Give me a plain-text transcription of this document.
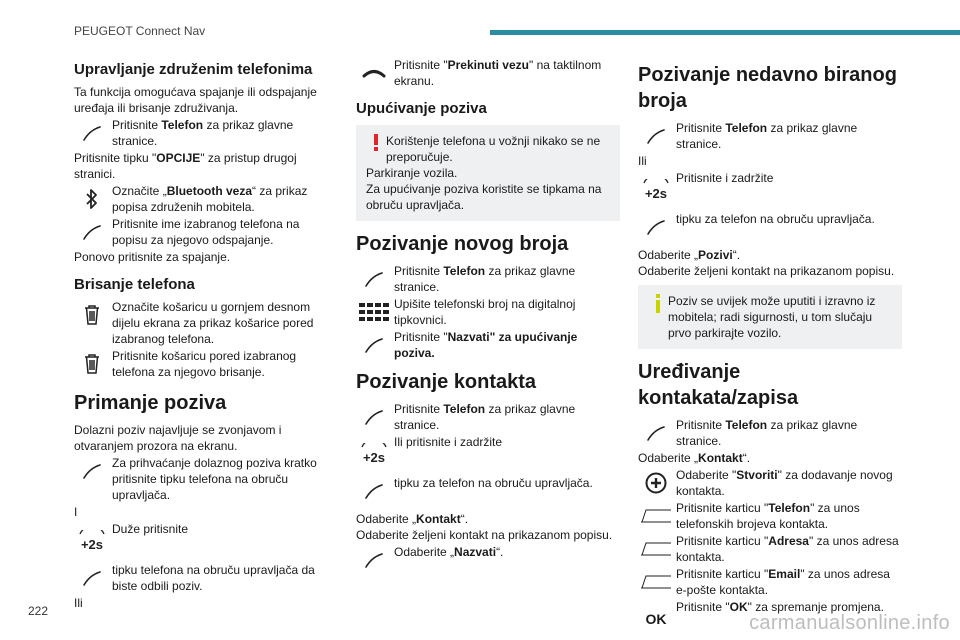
PEUGEOT Connect Nav
Upravljanje združenim telefonima

Ta funkcija omogućava spajanje ili odspajanje uređaja ili brisanje združivanja.

Pritisnite Telefon za prikaz glavne stranice.

Pritisnite tipku "OPCIJE" za pristup drugoj stranici.

Označite „Bluetooth veza“ za prikaz popisa združenih mobitela.
Pritisnite ime izabranog telefona na popisu za njegovo odspajanje.

Ponovo pritisnite za spajanje.

Brisanje telefona
Označite košaricu u gornjem desnom dijelu ekrana za prikaz košarice pored izabranog telefona.
Pritisnite košaricu pored izabranog telefona za njegovo brisanje.
Primanje poziva

Dolazni poziv najavljuje se zvonjavom i otvaranjem prozora na ekranu.

Za prihvaćanje dolaznog poziva kratko pritisnite tipku telefona na obruču upravljača.

I

+2s
Duže pritisnite
tipku telefona na obruču upravljača da biste odbili poziv.

Ili

Pritisnite "Prekinuti vezu" na taktilnom ekranu.
Upućivanje poziva
Korištenje telefona u vožnji nikako se ne preporučuje.

Parkiranje vozila.

Za upućivanje poziva koristite se tipkama na obruču upravljača.

Pozivanje novog broja
Pritisnite Telefon za prikaz glavne stranice.
Upišite telefonski broj na digitalnoj tipkovnici.
Pritisnite "Nazvati" za upućivanje poziva.
Pozivanje kontakta
Pritisnite Telefon za prikaz glavne stranice.
+2s
Ili pritisnite i zadržite
tipku za telefon na obruču upravljača.

Odaberite „Kontakt“.

Odaberite željeni kontakt na prikazanom popisu.

Odaberite „Nazvati“.
Pozivanje nedavno biranog broja
Pritisnite Telefon za prikaz glavne stranice.

Ili

+2s
Pritisnite i zadržite
tipku za telefon na obruču upravljača.

Odaberite „Pozivi“.

Odaberite željeni kontakt na prikazanom popisu.

Poziv se uvijek može uputiti i izravno iz mobitela; radi sigurnosti, u tom slučaju prvo parkirajte vozilo.
Uređivanje kontakata/zapisa
Pritisnite Telefon za prikaz glavne stranice.

Odaberite „Kontakt“.

Odaberite "Stvoriti" za dodavanje novog kontakta.
Pritisnite karticu "Telefon" za unos telefonskih brojeva kontakta.
Pritisnite karticu "Adresa" za unos adresa kontakta.
Pritisnite karticu "Email" za unos adresa e-pošte kontakta.
OK
Pritisnite "OK" za spremanje promjena.
222
carmanualsonline.info
